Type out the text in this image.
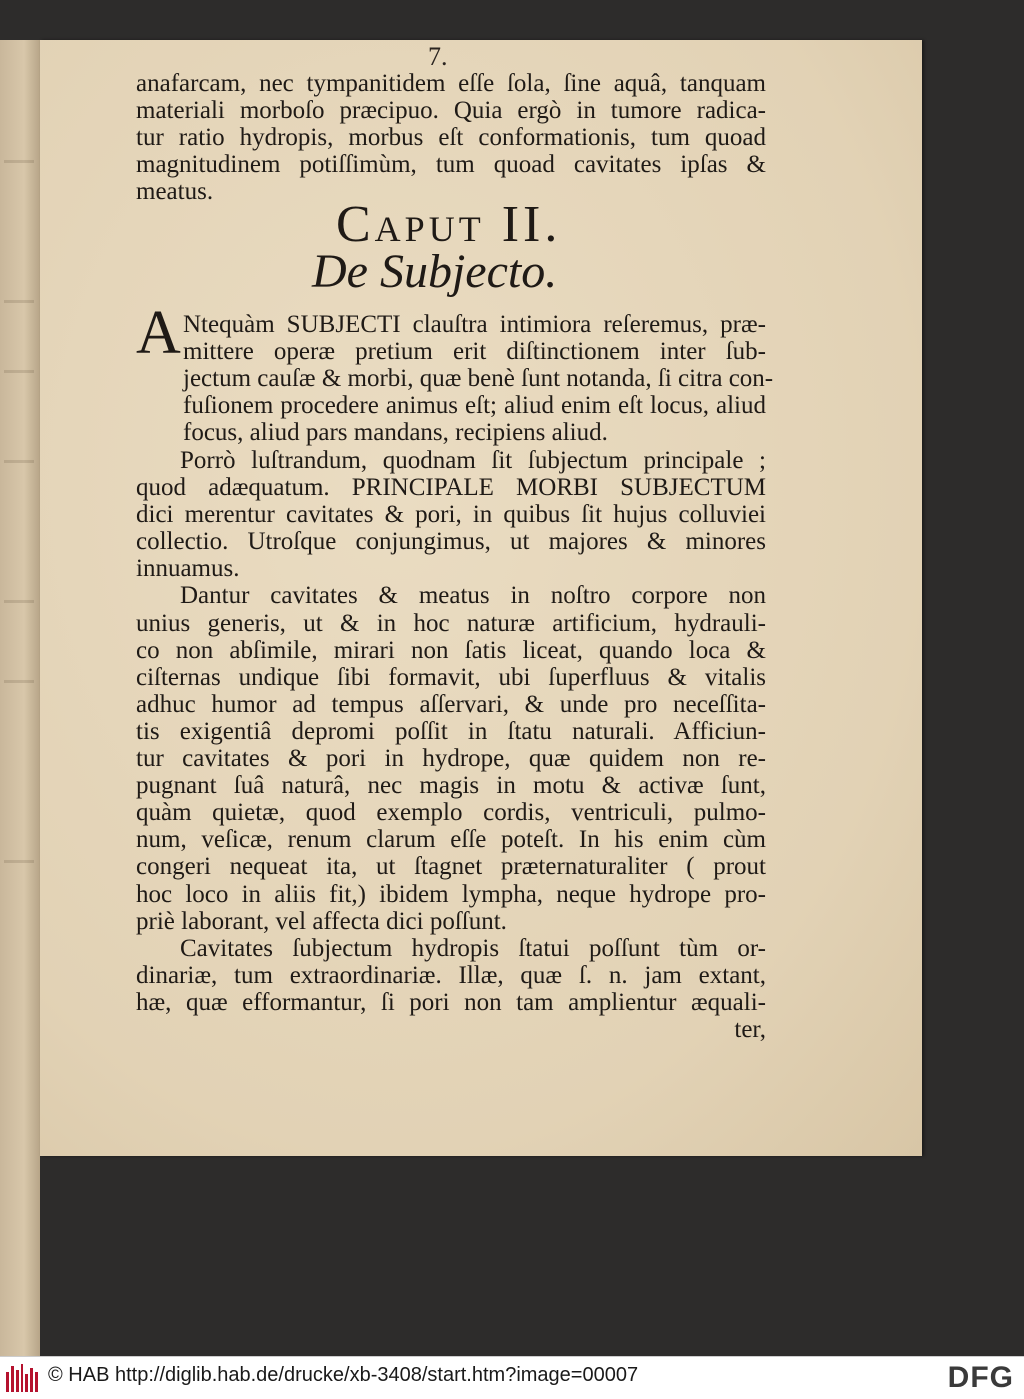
7.
anafarcam, nec tympanitidem eſſe ſola, ſine aquâ, tanquam
materiali morboſo præcipuo. Quia ergò in tumore radica-
tur ratio hydropis, morbus eſt conformationis, tum quoad
magnitudinem potiſſimùm, tum quoad cavitates ipſas &
meatus.
Caput II.
De Subjecto.
A Ntequàm SUBJECTI clauſtra intimiora reſeremus, præ-
mittere operæ pretium erit diſtinctionem inter ſub-
jectum cauſæ & morbi, quæ benè ſunt notanda, ſi citra con-
fuſionem procedere animus eſt; aliud enim eſt locus, aliud
focus, aliud pars mandans, recipiens aliud.
Porrò luſtrandum, quodnam ſit ſubjectum principale ;
quod adæquatum. PRINCIPALE MORBI SUBJECTUM
dici merentur cavitates & pori, in quibus ſit hujus colluviei
collectio. Utroſque conjungimus, ut majores & minores
innuamus.
Dantur cavitates & meatus in noſtro corpore non
unius generis, ut & in hoc naturæ artificium, hydrauli-
co non abſimile, mirari non ſatis liceat, quando loca &
ciſternas undique ſibi formavit, ubi ſuperfluus & vitalis
adhuc humor ad tempus aſſervari, & unde pro neceſſita-
tis exigentiâ depromi poſſit in ſtatu naturali. Afficiun-
tur cavitates & pori in hydrope, quæ quidem non re-
pugnant ſuâ naturâ, nec magis in motu & activæ ſunt,
quàm quietæ, quod exemplo cordis, ventriculi, pulmo-
num, veſicæ, renum clarum eſſe poteſt. In his enim cùm
congeri nequeat ita, ut ſtagnet præternaturaliter ( prout
hoc loco in aliis fit,) ibidem lympha, neque hydrope pro-
priè laborant, vel affecta dici poſſunt.
Cavitates ſubjectum hydropis ſtatui poſſunt tùm or-
dinariæ, tum extraordinariæ. Illæ, quæ ſ. n. jam extant,
hæ, quæ efformantur, ſi pori non tam amplientur æquali-
ter,
© HAB http://diglib.hab.de/drucke/xb-3408/start.htm?image=00007	DFG
